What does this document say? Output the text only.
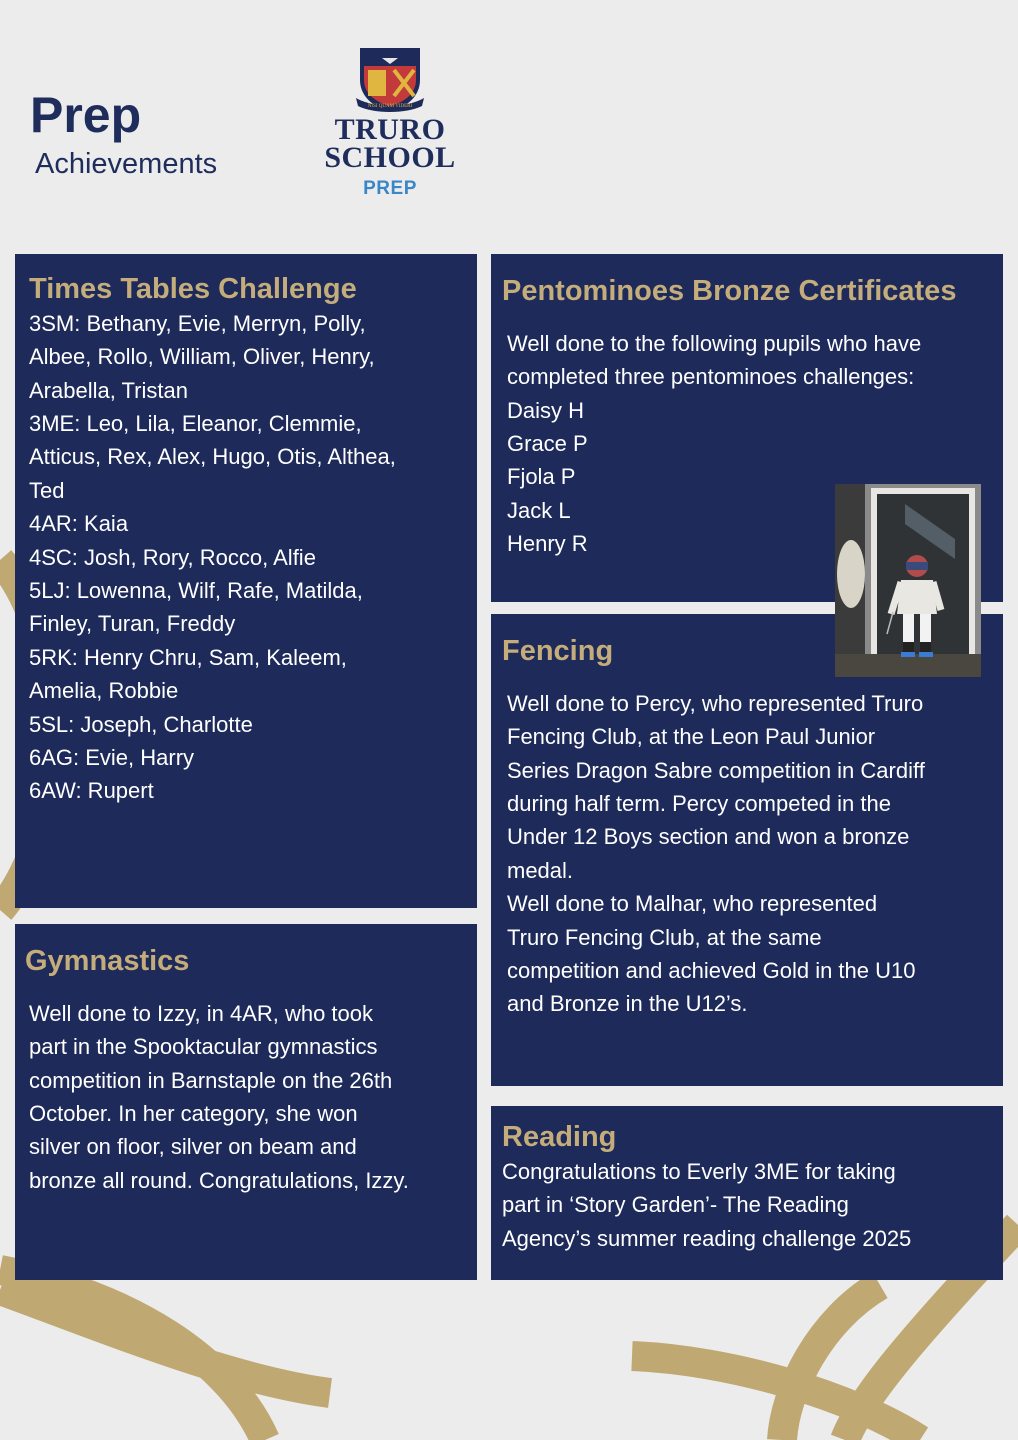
Prep
Achievements
NISI QUAM VIDERI
TRURO
SCHOOL
PREP
Times Tables Challenge
3SM: Bethany, Evie, Merryn, Polly,
Albee, Rollo, William, Oliver, Henry,
Arabella, Tristan
3ME: Leo, Lila, Eleanor, Clemmie,
Atticus, Rex, Alex, Hugo, Otis, Althea,
Ted
4AR: Kaia
4SC: Josh, Rory, Rocco, Alfie
5LJ: Lowenna, Wilf, Rafe, Matilda,
Finley, Turan, Freddy
5RK: Henry Chru, Sam, Kaleem,
Amelia, Robbie
5SL: Joseph, Charlotte
6AG: Evie, Harry
6AW: Rupert
Pentominoes Bronze Certificates
Well done to the following pupils who have
completed three pentominoes challenges:
Daisy H
Grace P
Fjola P
Jack L
Henry R
Fencing
Well done to Percy, who represented Truro
Fencing Club, at the Leon Paul Junior
Series Dragon Sabre competition in Cardiff
during half term. Percy competed in the
Under 12 Boys section and won a bronze
medal.
Well done to Malhar, who represented
Truro Fencing Club, at the same
competition and achieved Gold in the U10
and Bronze in the U12’s.
Gymnastics
Well done to Izzy, in 4AR, who took
part in the Spooktacular gymnastics
competition in Barnstaple on the 26th
October. In her category, she won
silver on floor, silver on beam and
bronze all round. Congratulations, Izzy.
Reading
Congratulations to Everly 3ME for taking
part in ‘Story Garden’- The Reading
Agency’s summer reading challenge 2025
